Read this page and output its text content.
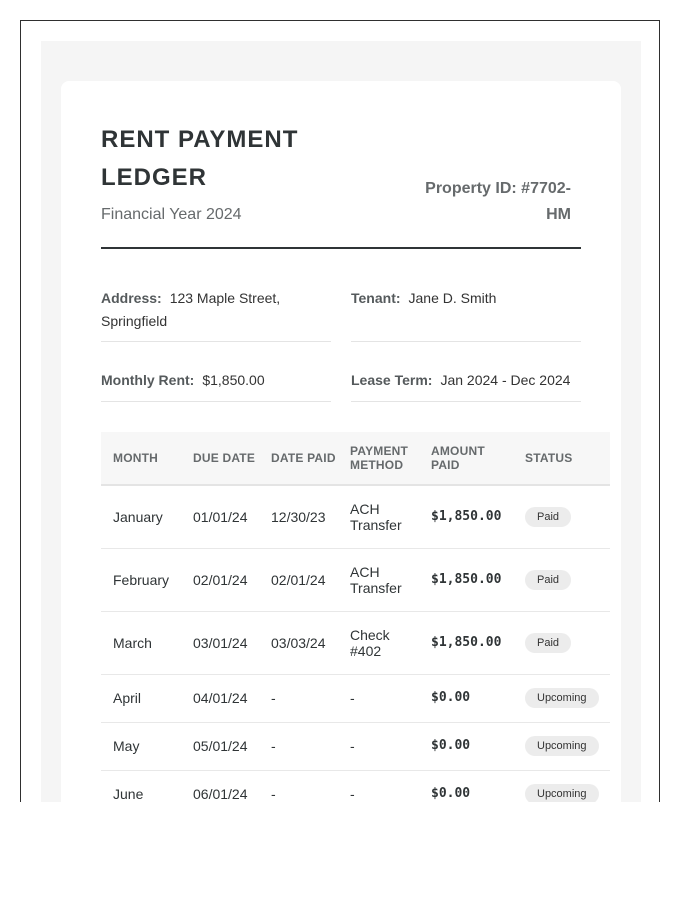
RENT PAYMENT LEDGER
Financial Year 2024
Property ID: #7702-HM
Address: 123 Maple Street, Springfield
Tenant: Jane D. Smith
Monthly Rent: $1,850.00	Lease Term: Jan 2024 - Dec 2024
MONTH	DUE DATE	DATE PAID	PAYMENT METHOD	AMOUNT PAID	STATUS
January	01/01/24	12/30/23	ACH Transfer	$1,850.00	Paid
February	02/01/24	02/01/24	ACH Transfer	$1,850.00	Paid
March	03/01/24	03/03/24	Check #402	$1,850.00	Paid
April	04/01/24	-	-	$0.00	Upcoming
May	05/01/24	-	-	$0.00	Upcoming
June	06/01/24	-	-	$0.00	Upcoming
